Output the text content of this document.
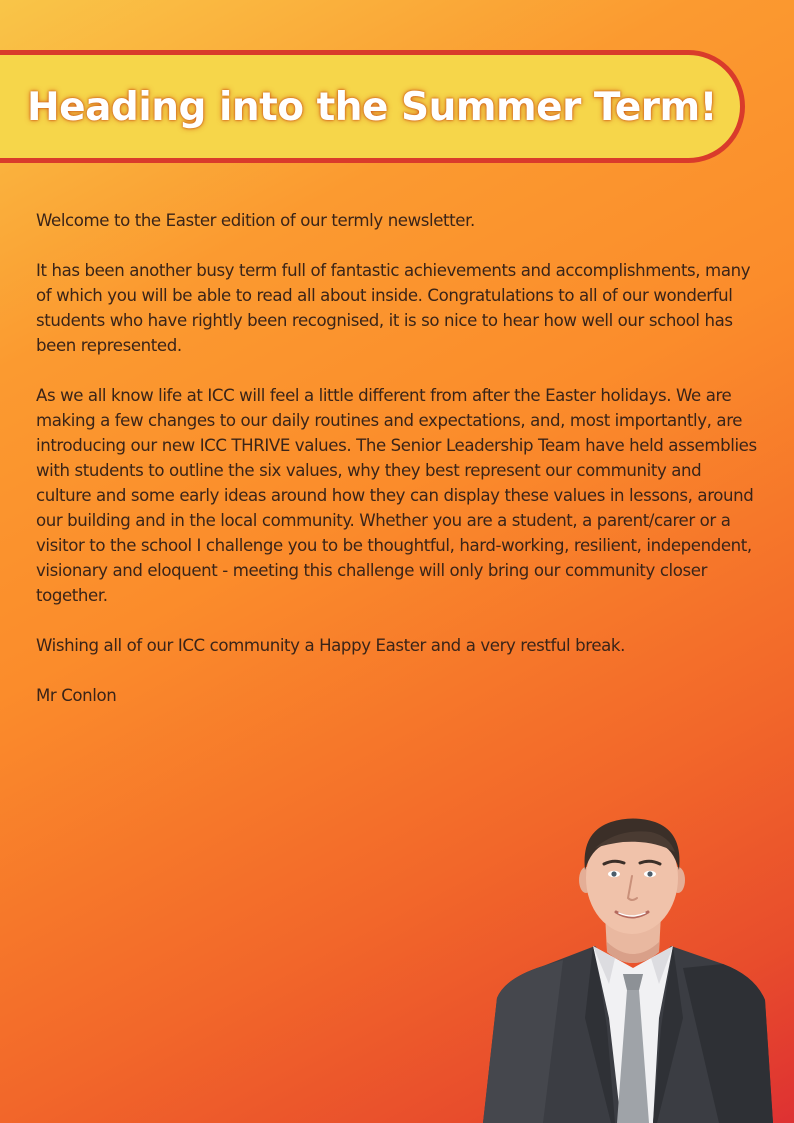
Heading into the Summer Term!

Welcome to the Easter edition of our termly newsletter.

It has been another busy term full of fantastic achievements and accomplishments, many of which you will be able to read all about inside. Congratulations to all of our wonderful students who have rightly been recognised, it is so nice to hear how well our school has been represented.

As we all know life at ICC will feel a little different from after the Easter holidays. We are making a few changes to our daily routines and expectations, and, most importantly, are introducing our new ICC THRIVE values. The Senior Leadership Team have held assemblies with students to outline the six values, why they best represent our community and culture and some early ideas around how they can display these values in lessons, around our building and in the local community. Whether you are a student, a parent/carer or a visitor to the school I challenge you to be thoughtful, hard-working, resilient, independent, visionary and eloquent - meeting this challenge will only bring our community closer together.

Wishing all of our ICC community a Happy Easter and a very restful break.

Mr Conlon
